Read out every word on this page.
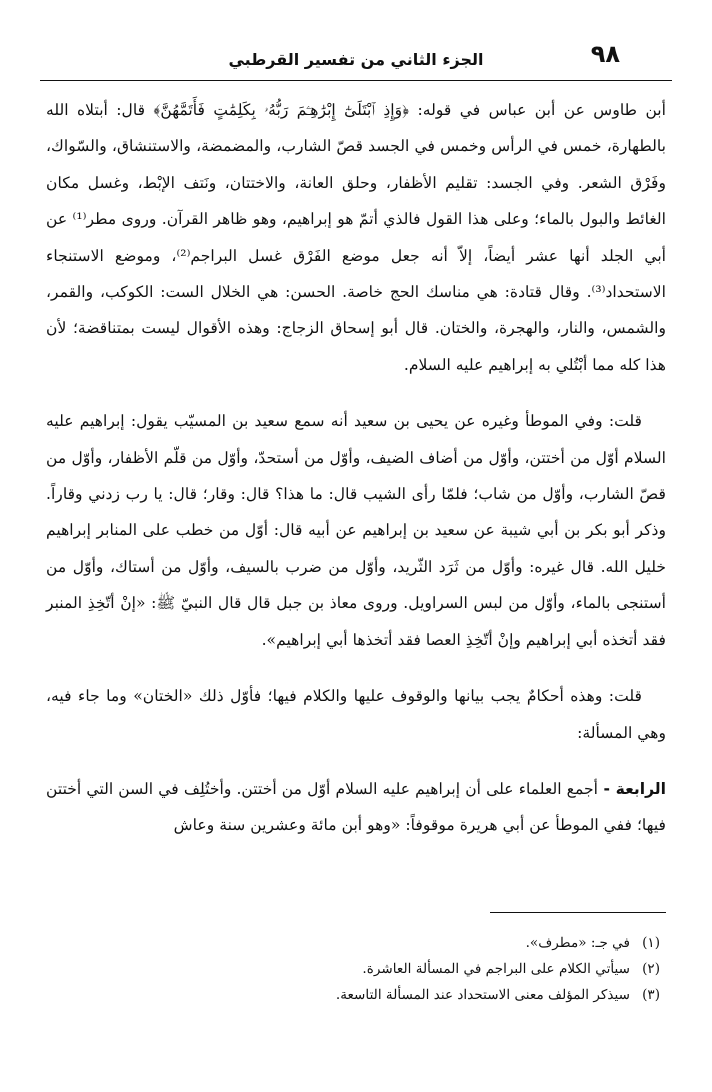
٩٨
الجزء الثاني من تفسير القرطبي

أبن طاوس عن أبن عباس في قوله: ﴿وَإِذِ ٱبْتَلَىٰٓ إِبْرَٰهِـۧمَ رَبُّهُۥ بِكَلِمَٰتٍ فَأَتَمَّهُنَّ﴾ قال: أبتلاه الله بالطهارة، خمس في الرأس وخمس في الجسد قصّ الشارب، والمضمضة، والاستنشاق، والسّواك، وفَرْق الشعر. وفي الجسد: تقليم الأظفار، وحلق العانة، والاختتان، ونَتف الإبْط، وغسل مكان الغائط والبول بالماء؛ وعلى هذا القول فالذي أتمّ هو إبراهيم، وهو ظاهر القرآن. وروى مطر⁽¹⁾ عن أبي الجلد أنها عشر أيضاً، إلاّ أنه جعل موضع الفَرْق غسل البراجم⁽²⁾، وموضع الاستنجاء الاستحداد⁽³⁾. وقال قتادة: هي مناسك الحج خاصة. الحسن: هي الخلال الست: الكوكب، والقمر، والشمس، والنار، والهجرة، والختان. قال أبو إسحاق الزجاج: وهذه الأقوال ليست بمتناقضة؛ لأن هذا كله مما أبْتُلي به إبراهيم عليه السلام.

قلت: وفي الموطأ وغيره عن يحيى بن سعيد أنه سمع سعيد بن المسيّب يقول: إبراهيم عليه السلام أوّل من أختتن، وأوّل من أضاف الضيف، وأوّل من أستحدّ، وأوّل من قلّم الأظفار، وأوّل من قصّ الشارب، وأوّل من شاب؛ فلمّا رأى الشيب قال: ما هذا؟ قال: وقار؛ قال: يا رب زدني وقاراً. وذكر أبو بكر بن أبي شيبة عن سعيد بن إبراهيم عن أبيه قال: أوّل من خطب على المنابر إبراهيم خليل الله. قال غيره: وأوّل من ثَرَد الثّريد، وأوّل من ضرب بالسيف، وأوّل من أستاك، وأوّل من أستنجى بالماء، وأوّل من لبس السراويل. وروى معاذ بن جبل قال قال النبيّ ﷺ: «إنْ أتّخِذِ المنبر فقد أتخذه أبي إبراهيم وإنْ أتّخِذِ العصا فقد أتخذها أبي إبراهيم».

قلت: وهذه أحكامٌ يجب بيانها والوقوف عليها والكلام فيها؛ فأوّل ذلك «الختان» وما جاء فيه، وهي المسألة:

الرابعة - أجمع العلماء على أن إبراهيم عليه السلام أوّل من أختتن. وأختُلِف في السن التي أختتن فيها؛ ففي الموطأ عن أبي هريرة موقوفاً: «وهو أبن مائة وعشرين سنة وعاش

(١)في جـ: «مطرف».

(٢)سيأتي الكلام على البراجم في المسألة العاشرة.

(٣)سيذكر المؤلف معنى الاستحداد عند المسألة التاسعة.
